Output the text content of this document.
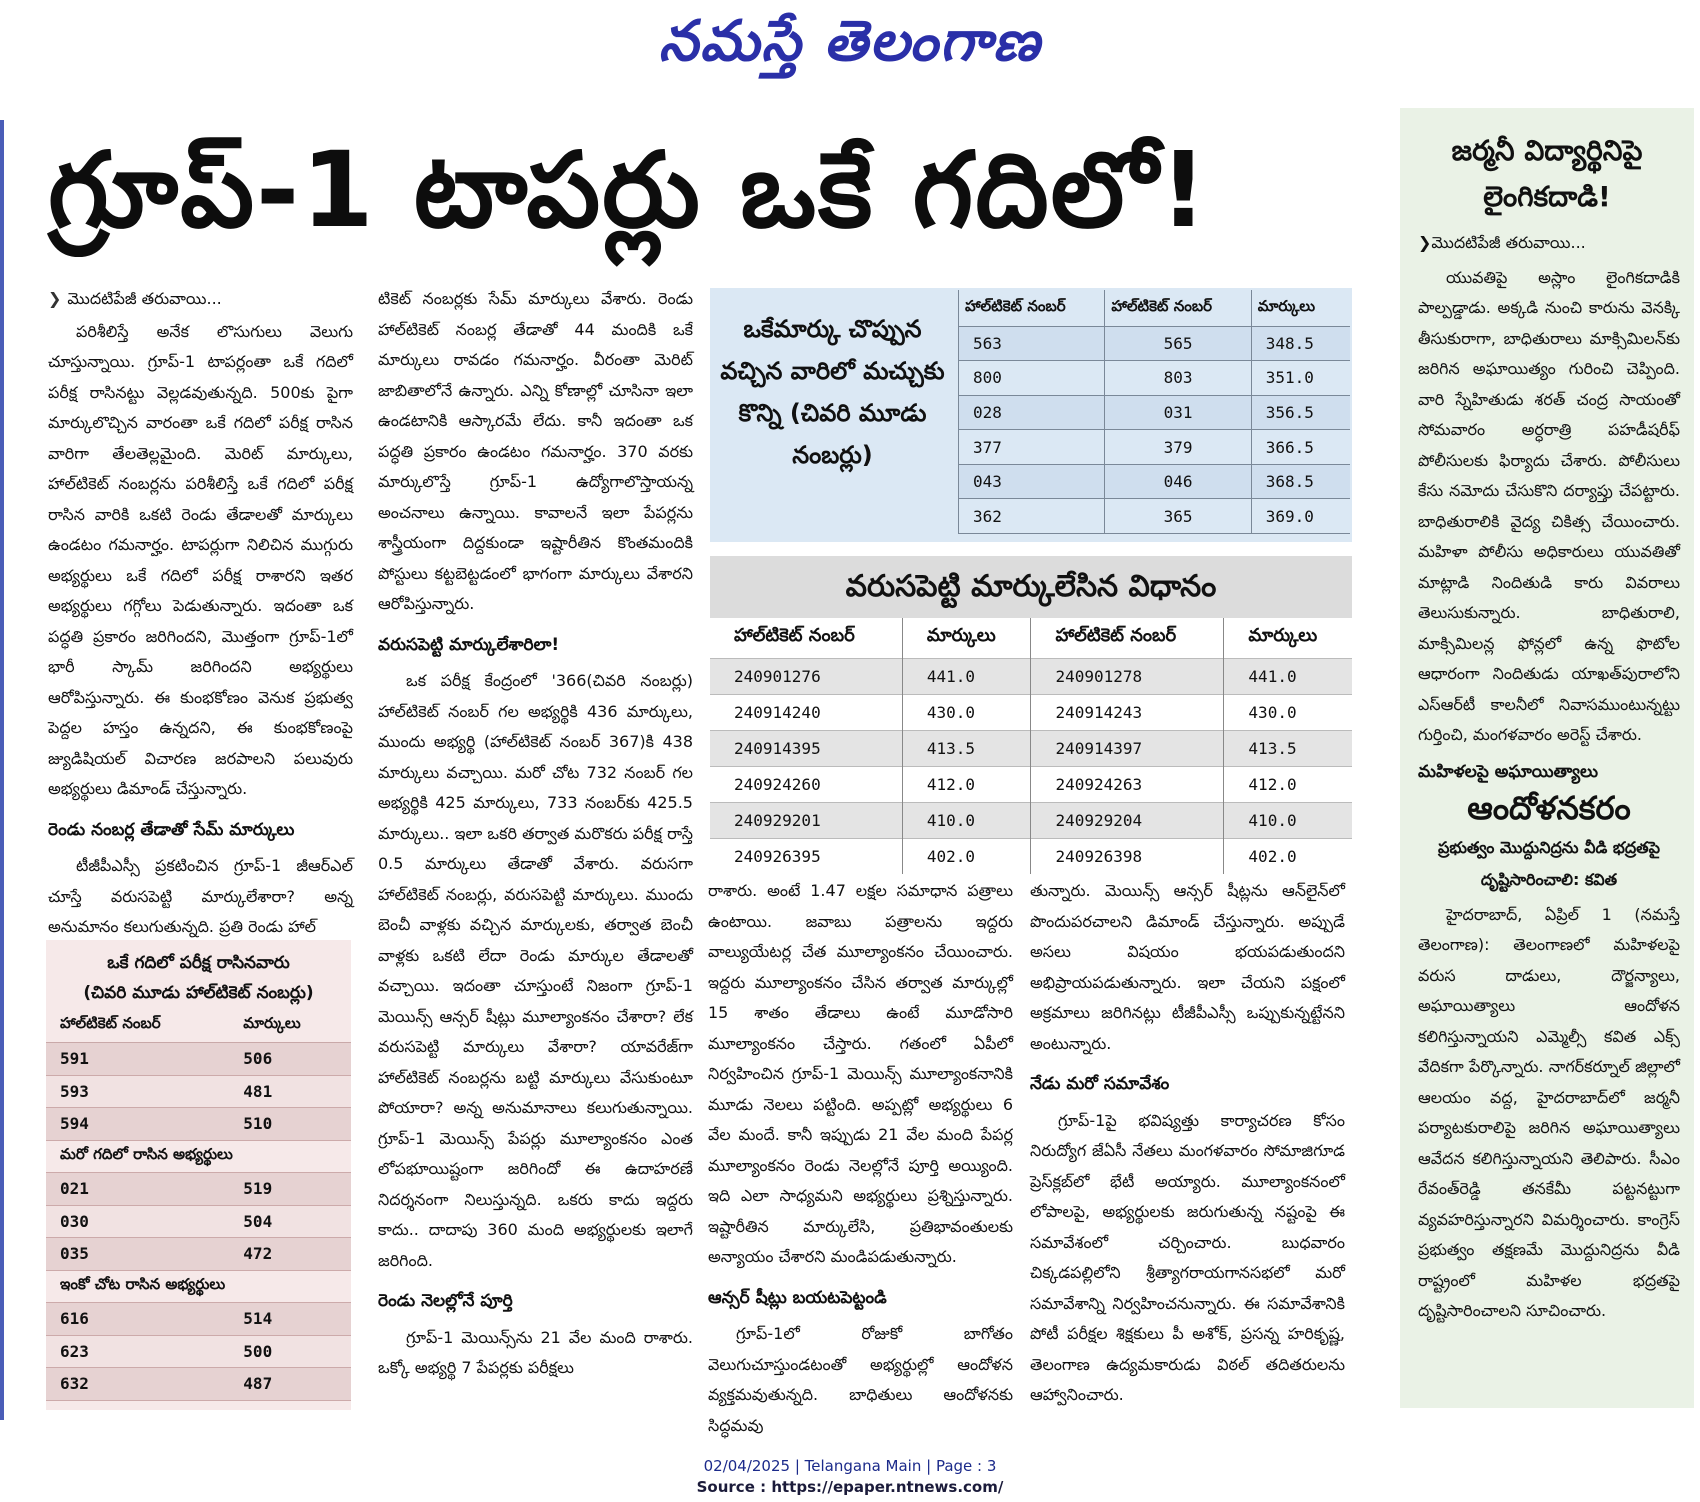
నమస్తే తెలంగాణ
గ్రూప్-1 టాపర్లు ఒకే గదిలో!
❯ మొదటిపేజీ తరువాయి...

పరిశీలిస్తే అనేక లొసుగులు వెలుగు చూస్తున్నాయి. గ్రూప్-1 టాపర్లంతా ఒకే గదిలో పరీక్ష రాసినట్టు వెల్లడవుతున్నది. 500కు పైగా మార్కులొచ్చిన వారంతా ఒకే గదిలో పరీక్ష రాసిన వారిగా తేలతెల్లమైంది. మెరిట్ మార్కులు, హాల్‌టికెట్ నంబర్లను పరిశీలిస్తే ఒకే గదిలో పరీక్ష రాసిన వారికి ఒకటి రెండు తేడాలతో మార్కులు ఉండటం గమనార్హం. టాపర్లుగా నిలిచిన ముగ్గురు అభ్యర్థులు ఒకే గదిలో పరీక్ష రాశారని ఇతర అభ్యర్థులు గగ్గోలు పెడుతున్నారు. ఇదంతా ఒక పద్ధతి ప్రకారం జరిగిందని, మొత్తంగా గ్రూప్-1లో భారీ స్కామ్ జరిగిందని అభ్యర్థులు ఆరోపిస్తున్నారు. ఈ కుంభకోణం వెనుక ప్రభుత్వ పెద్దల హస్తం ఉన్నదని, ఈ కుంభకోణంపై జ్యుడిషియల్ విచారణ జరపాలని పలువురు అభ్యర్థులు డిమాండ్ చేస్తున్నారు.

రెండు నంబర్ల తేడాతో సేమ్ మార్కులు

టీజీపీఎస్సీ ప్రకటించిన గ్రూప్-1 జీఆర్ఎల్ చూస్తే వరుసపెట్టి మార్కులేశారా? అన్న అనుమానం కలుగుతున్నది. ప్రతి రెండు హాల్

ఒకే గదిలో పరీక్ష రాసినవారు
(చివరి మూడు హాల్‌టికెట్ నంబర్లు)
హాల్‌టికెట్ నంబర్	మార్కులు
591	506
593	481
594	510
మరో గదిలో రాసిన అభ్యర్థులు	
021	519
030	504
035	472
ఇంకో చోట రాసిన అభ్యర్థులు	
616	514
623	500
632	487

టికెట్ నంబర్లకు సేమ్ మార్కులు వేశారు. రెండు హాల్‌టికెట్ నంబర్ల తేడాతో 44 మందికి ఒకే మార్కులు రావడం గమనార్హం. వీరంతా మెరిట్ జాబితాలోనే ఉన్నారు. ఎన్ని కోణాల్లో చూసినా ఇలా ఉండటానికి ఆస్కారమే లేదు. కానీ ఇదంతా ఒక పద్ధతి ప్రకారం ఉండటం గమనార్హం. 370 వరకు మార్కులొస్తే గ్రూప్-1 ఉద్యోగాలొస్తాయన్న అంచనాలు ఉన్నాయి. కావాలనే ఇలా పేపర్లను శాస్త్రీయంగా దిద్దకుండా ఇష్టారీతిన కొంతమందికి పోస్టులు కట్టబెట్టడంలో భాగంగా మార్కులు వేశారని ఆరోపిస్తున్నారు.

వరుసపెట్టి మార్కులేశారిలా!

ఒక పరీక్ష కేంద్రంలో '366(చివరి నంబర్లు) హాల్‌టికెట్ నంబర్ గల అభ్యర్థికి 436 మార్కులు, ముందు అభ్యర్థి (హాల్‌టికెట్ నంబర్ 367)కి 438 మార్కులు వచ్చాయి. మరో చోట 732 నంబర్ గల అభ్యర్థికి 425 మార్కులు, 733 నంబర్‌కు 425.5 మార్కులు.. ఇలా ఒకరి తర్వాత మరొకరు పరీక్ష రాస్తే 0.5 మార్కులు తేడాతో వేశారు. వరుసగా హాల్‌టికెట్ నంబర్లు, వరుసపెట్టి మార్కులు. ముందు బెంచీ వాళ్లకు వచ్చిన మార్కులకు, తర్వాత బెంచీ వాళ్లకు ఒకటి లేదా రెండు మార్కుల తేడాలతో వచ్చాయి. ఇదంతా చూస్తుంటే నిజంగా గ్రూప్-1 మెయిన్స్ ఆన్సర్ షీట్లు మూల్యాంకనం చేశారా? లేక వరుసపెట్టి మార్కులు వేశారా? యావరేజ్‌గా హాల్‌టికెట్ నంబర్లను బట్టి మార్కులు వేసుకుంటూ పోయారా? అన్న అనుమానాలు కలుగుతున్నాయి. గ్రూప్-1 మెయిన్స్ పేపర్లు మూల్యాంకనం ఎంత లోపభూయిష్టంగా జరిగిందో ఈ ఉదాహరణే నిదర్శనంగా నిలుస్తున్నది. ఒకరు కాదు ఇద్దరు కాదు.. దాదాపు 360 మంది అభ్యర్థులకు ఇలాగే జరిగింది.

రెండు నెలల్లోనే పూర్తి

గ్రూప్-1 మెయిన్స్‌ను 21 వేల మంది రాశారు. ఒక్కో అభ్యర్థి 7 పేపర్లకు పరీక్షలు

ఒకేమార్కు చొప్పున వచ్చిన వారిలో మచ్చుకు కొన్ని (చివరి మూడు నంబర్లు)
హాల్‌టికెట్ నంబర్	హాల్‌టికెట్ నంబర్	మార్కులు
563	565	348.5
800	803	351.0
028	031	356.5
377	379	366.5
043	046	368.5
362	365	369.0
వరుసపెట్టి మార్కులేసిన విధానం
హాల్‌టికెట్ నంబర్	మార్కులు	హాల్‌టికెట్ నంబర్	మార్కులు
240901276	441.0	240901278	441.0
240914240	430.0	240914243	430.0
240914395	413.5	240914397	413.5
240924260	412.0	240924263	412.0
240929201	410.0	240929204	410.0
240926395	402.0	240926398	402.0

రాశారు. అంటే 1.47 లక్షల సమాధాన పత్రాలు ఉంటాయి. జవాబు పత్రాలను ఇద్దరు వాల్యుయేటర్ల చేత మూల్యాంకనం చేయించారు. ఇద్దరు మూల్యాంకనం చేసిన తర్వాత మార్కుల్లో 15 శాతం తేడాలు ఉంటే మూడోసారి మూల్యాంకనం చేస్తారు. గతంలో ఏపీలో నిర్వహించిన గ్రూప్-1 మెయిన్స్ మూల్యాంకనానికి మూడు నెలలు పట్టింది. అప్పట్లో అభ్యర్థులు 6 వేల మందే. కానీ ఇప్పుడు 21 వేల మంది పేపర్ల మూల్యాంకనం రెండు నెలల్లోనే పూర్తి అయ్యింది. ఇది ఎలా సాధ్యమని అభ్యర్థులు ప్రశ్నిస్తున్నారు. ఇష్టారీతిన మార్కులేసి, ప్రతిభావంతులకు అన్యాయం చేశారని మండిపడుతున్నారు.

ఆన్సర్ షీట్లు బయటపెట్టండి

గ్రూప్-1లో రోజుకో బాగోతం వెలుగుచూస్తుండటంతో అభ్యర్థుల్లో ఆందోళన వ్యక్తమవుతున్నది. బాధితులు ఆందోళనకు సిద్ధమవు

తున్నారు. మెయిన్స్ ఆన్సర్ షీట్లను ఆన్‌లైన్‌లో పొందుపరచాలని డిమాండ్ చేస్తున్నారు. అప్పుడే అసలు విషయం భయపడుతుందని అభిప్రాయపడుతున్నారు. ఇలా చేయని పక్షంలో అక్రమాలు జరిగినట్లు టీజీపీఎస్సీ ఒప్పుకున్నట్టేనని అంటున్నారు.

నేడు మరో సమావేశం

గ్రూప్-1పై భవిష్యత్తు కార్యాచరణ కోసం నిరుద్యోగ జేఏసీ నేతలు మంగళవారం సోమాజిగూడ ప్రెస్‌క్లబ్‌లో భేటీ అయ్యారు. మూల్యాంకనంలో లోపాలపై, అభ్యర్థులకు జరుగుతున్న నష్టంపై ఈ సమావేశంలో చర్చించారు. బుధవారం చిక్కడపల్లిలోని శ్రీత్యాగరాయగానసభలో మరో సమావేశాన్ని నిర్వహించనున్నారు. ఈ సమావేశానికి పోటీ పరీక్షల శిక్షకులు పీ అశోక్, ప్రసన్న హరికృష్ణ, తెలంగాణ ఉద్యమకారుడు విఠల్ తదితరులను ఆహ్వానించారు.

జర్మనీ విద్యార్థినిపై లైంగికదాడి!
❯మొదటిపేజీ తరువాయి...

యువతిపై అస్లాం లైంగికదాడికి పాల్పడ్డాడు. అక్కడి నుంచి కారును వెనక్కి తీసుకురాగా, బాధితురాలు మాక్సిమిలన్‌కు జరిగిన అఘాయిత్యం గురించి చెప్పింది. వారి స్నేహితుడు శరత్ చంద్ర సాయంతో సోమవారం అర్ధరాత్రి పహడీషరీఫ్ పోలీసులకు ఫిర్యాదు చేశారు. పోలీసులు కేసు నమోదు చేసుకొని దర్యాప్తు చేపట్టారు. బాధితురాలికి వైద్య చికిత్స చేయించారు. మహిళా పోలీసు అధికారులు యువతితో మాట్లాడి నిందితుడి కారు వివరాలు తెలుసుకున్నారు. బాధితురాలి, మాక్సిమిలన్ల ఫోన్లలో ఉన్న ఫొటోల ఆధారంగా నిందితుడు యాఖత్‌పురాలోని ఎస్‌ఆర్‌టీ కాలనీలో నివాసముంటున్నట్టు గుర్తించి, మంగళవారం అరెస్ట్ చేశారు.

మహిళలపై అఘాయిత్యాలు

ఆందోళనకరం

ప్రభుత్వం మొద్దునిద్రను వీడి భద్రతపై దృష్టిసారించాలి: కవిత

హైదరాబాద్, ఏప్రిల్ 1 (నమస్తే తెలంగాణ): తెలంగాణలో మహిళలపై వరుస దాడులు, దౌర్జన్యాలు, అఘాయిత్యాలు ఆందోళన కలిగిస్తున్నాయని ఎమ్మెల్సీ కవిత ఎక్స్ వేదికగా పేర్కొన్నారు. నాగర్‌కర్నూల్ జిల్లాలో ఆలయం వద్ద, హైదరాబాద్‌లో జర్మనీ పర్యాటకురాలిపై జరిగిన అఘాయిత్యాలు ఆవేదన కలిగిస్తున్నాయని తెలిపారు. సీఎం రేవంత్‌రెడ్డి తనకేమీ పట్టనట్టుగా వ్యవహరిస్తున్నారని విమర్శించారు. కాంగ్రెస్ ప్రభుత్వం తక్షణమే మొద్దునిద్రను వీడి రాష్ట్రంలో మహిళల భద్రతపై దృష్టిసారించాలని సూచించారు.

02/04/2025 | Telangana Main | Page : 3
Source : https://epaper.ntnews.com/
